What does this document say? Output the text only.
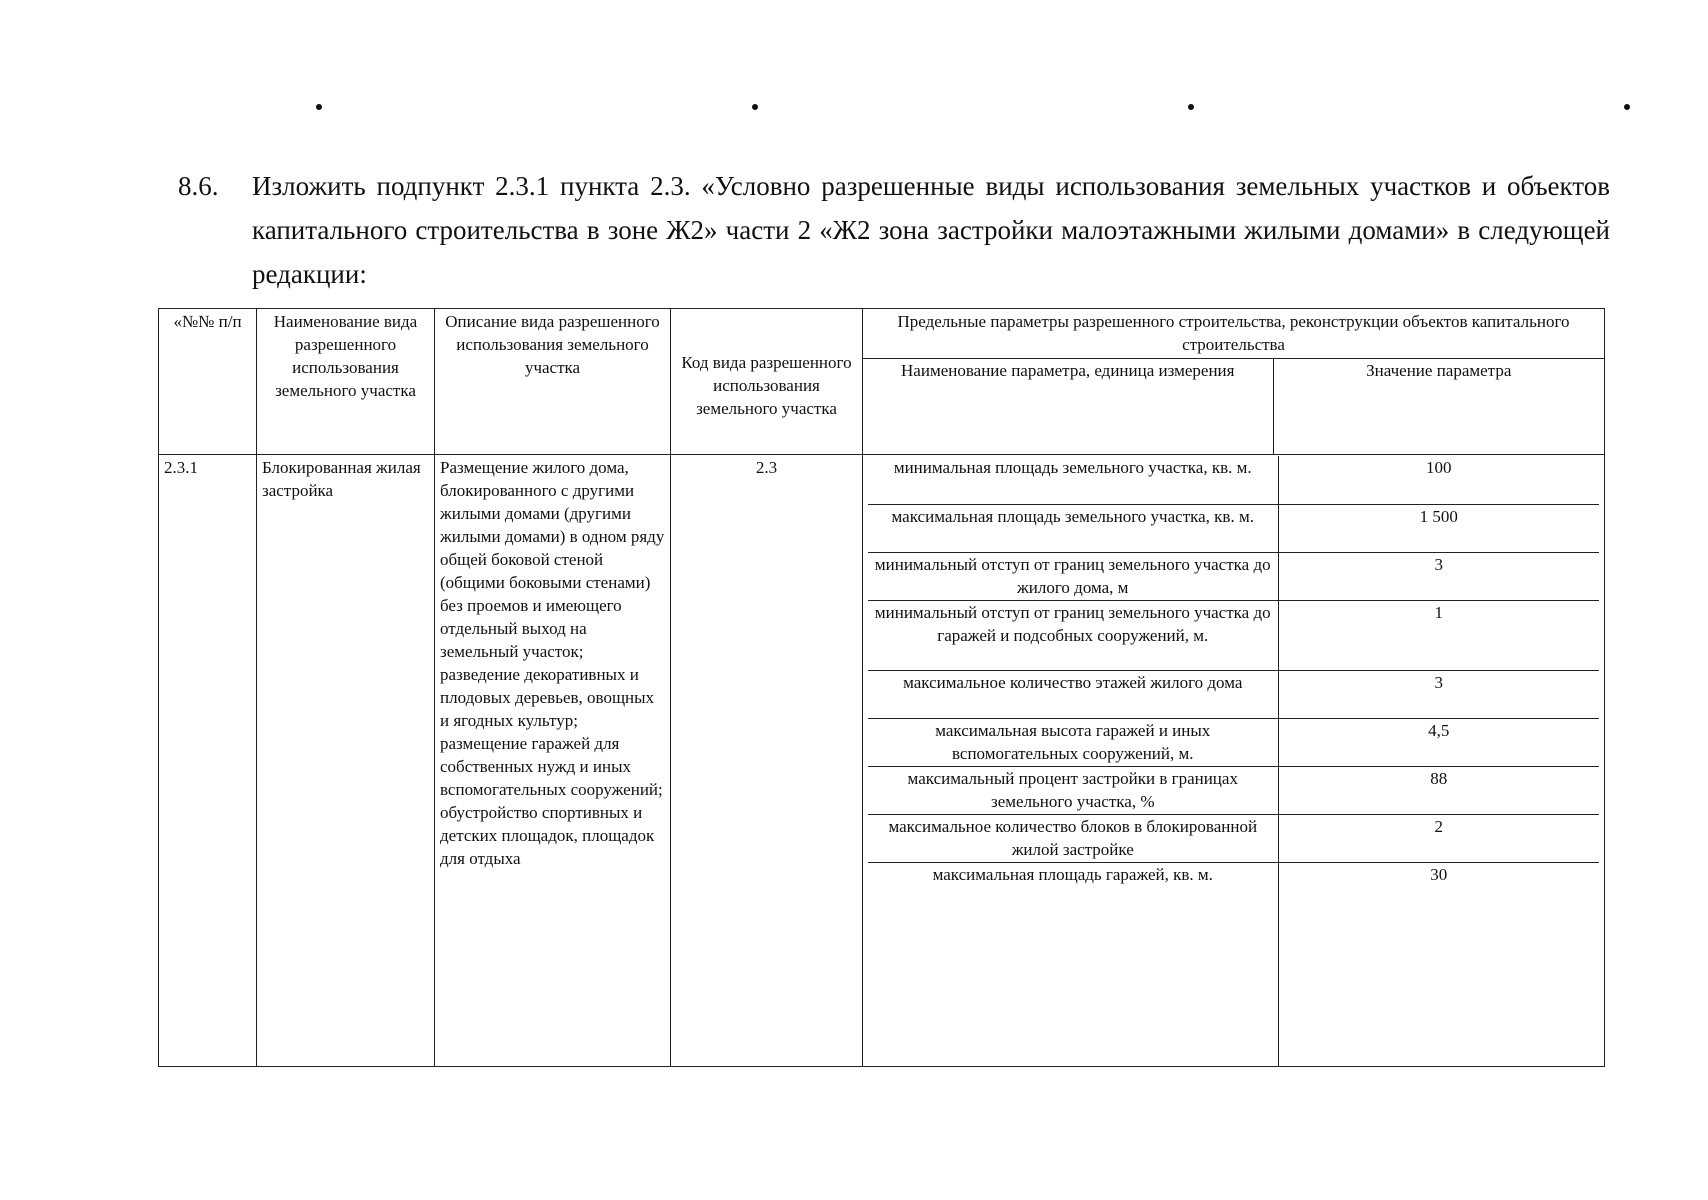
8.6. Изложить подпункт 2.3.1 пункта 2.3. «Условно разрешенные виды использования земельных участков и объектов капитального строительства в зоне Ж2» части 2 «Ж2 зона застройки малоэтажными жилыми домами» в следующей редакции:
«№№ п/п	Наименование вида разрешенного использования земельного участка	Описание вида разрешенного использования земельного участка	Код вида разрешенного использования земельного участка	Предельные параметры разрешенного строительства, реконструкции объектов капитального строительства

Наименование параметра, единица измерения	Значение параметра

2.3.1	Блокированная жилая застройка	Размещение жилого дома, блокированного с другими жилыми домами (другими жилыми домами) в одном ряду общей боковой стеной (общими боковыми стенами) без проемов и имеющего отдельный выход на земельный участок; разведение декоративных и плодовых деревьев, овощных и ягодных культур; размещение гаражей для собственных нужд и иных вспомогательных сооружений; обустройство спортивных и детских площадок, площадок для отдыха	2.3		минимальная площадь земельного участка, кв. м.	100
максимальная площадь земельного участка, кв. м.	1 500
минимальный отступ от границ земельного участка до жилого дома, м	3
минимальный отступ от границ земельного участка до гаражей и подсобных сооружений, м.	1
максимальное количество этажей жилого дома	3
максимальная высота гаражей и иных вспомогательных сооружений, м.	4,5
максимальный процент застройки в границах земельного участка, %	88
максимальное количество блоков в блокированной жилой застройке	2
максимальная площадь гаражей, кв. м.	30
